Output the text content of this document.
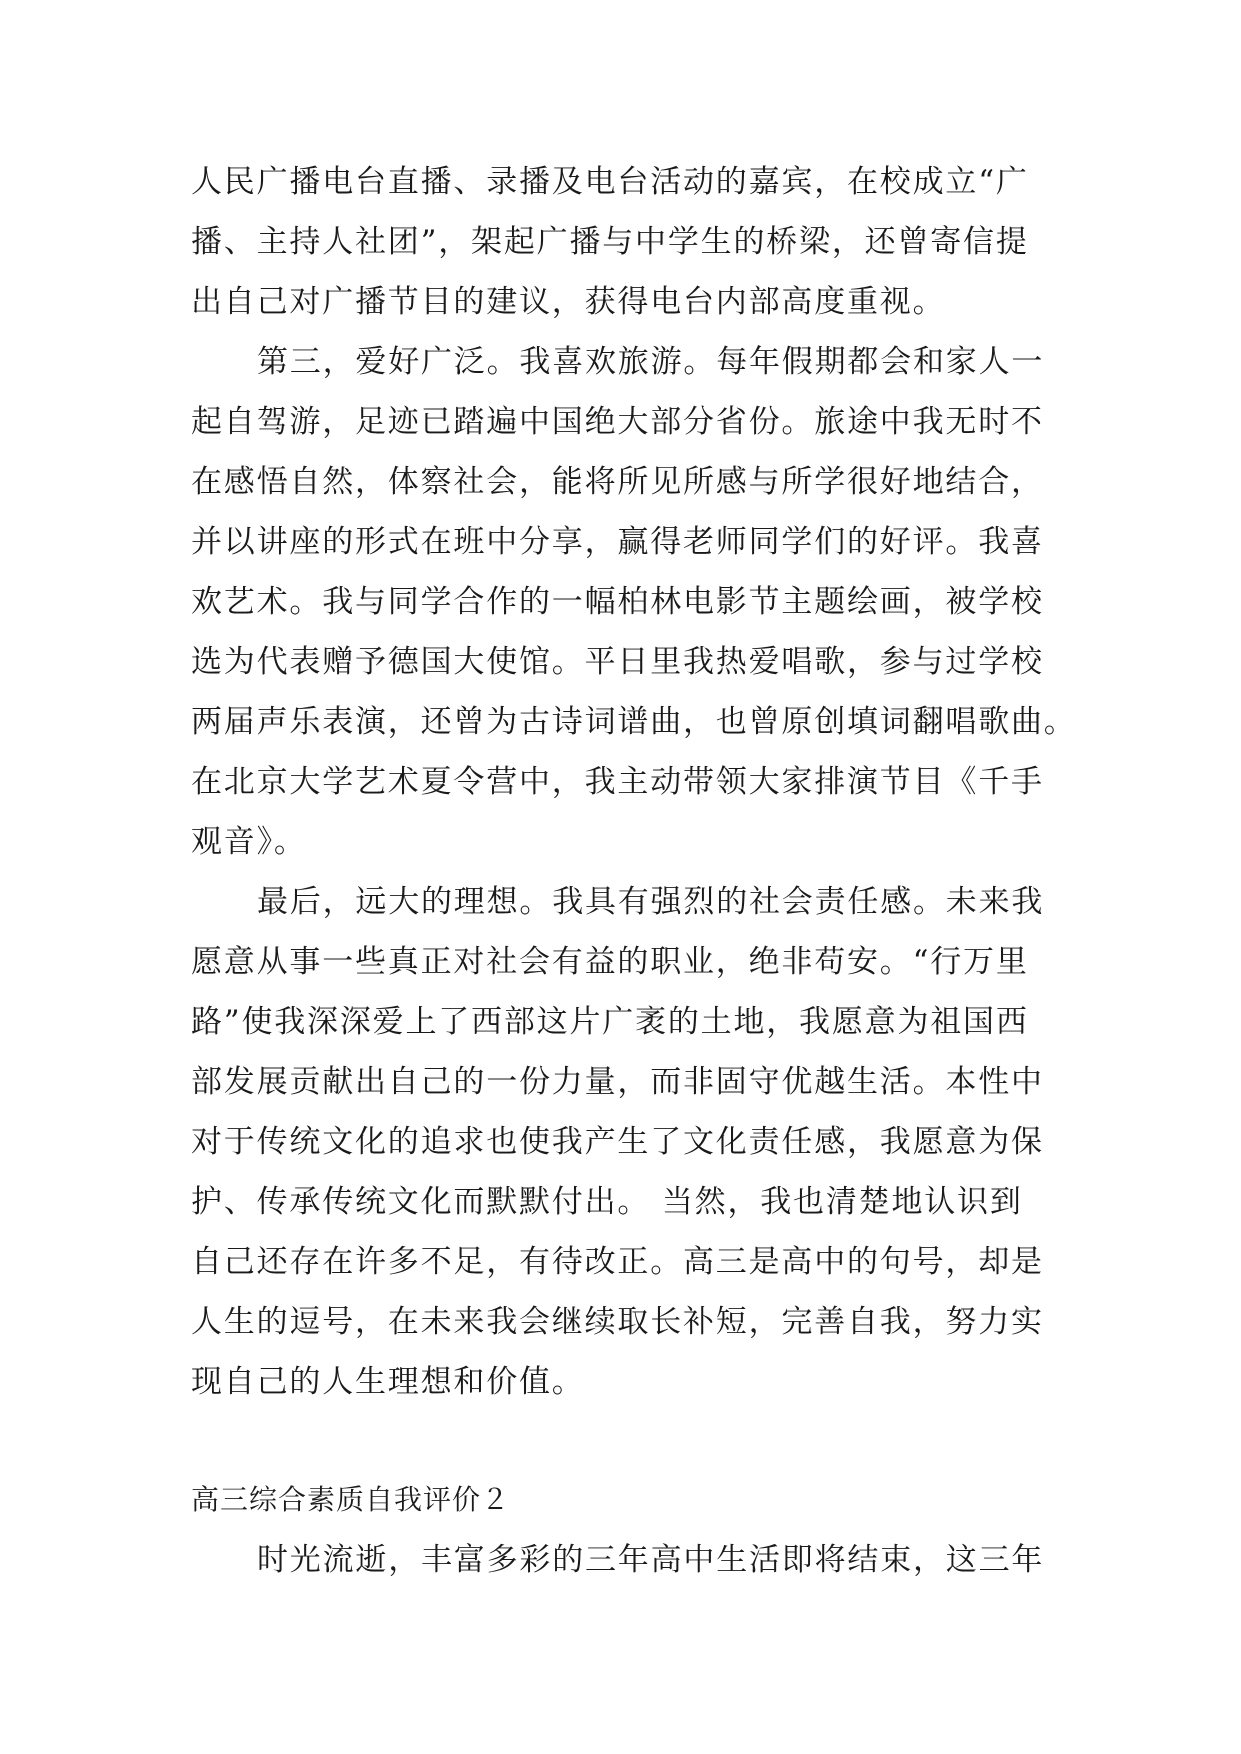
人民广播电台直播、录播及电台活动的嘉宾，在校成立“广
播、主持人社团”，架起广播与中学生的桥梁，还曾寄信提
出自己对广播节目的建议，获得电台内部高度重视。
第三，爱好广泛。我喜欢旅游。每年假期都会和家人一
起自驾游，足迹已踏遍中国绝大部分省份。旅途中我无时不
在感悟自然，体察社会，能将所见所感与所学很好地结合，
并以讲座的形式在班中分享，赢得老师同学们的好评。我喜
欢艺术。我与同学合作的一幅柏林电影节主题绘画，被学校
选为代表赠予德国大使馆。平日里我热爱唱歌，参与过学校
两届声乐表演，还曾为古诗词谱曲，也曾原创填词翻唱歌曲。
在北京大学艺术夏令营中，我主动带领大家排演节目《千手
观音》。
最后，远大的理想。我具有强烈的社会责任感。未来我
愿意从事一些真正对社会有益的职业，绝非苟安。“行万里
路”使我深深爱上了西部这片广袤的土地，我愿意为祖国西
部发展贡献出自己的一份力量，而非固守优越生活。本性中
对于传统文化的追求也使我产生了文化责任感，我愿意为保
护、传承传统文化而默默付出。 当然，我也清楚地认识到
自己还存在许多不足，有待改正。高三是高中的句号，却是
人生的逗号，在未来我会继续取长补短，完善自我，努力实
现自己的人生理想和价值。
高三综合素质自我评价２
时光流逝，丰富多彩的三年高中生活即将结束，这三年
